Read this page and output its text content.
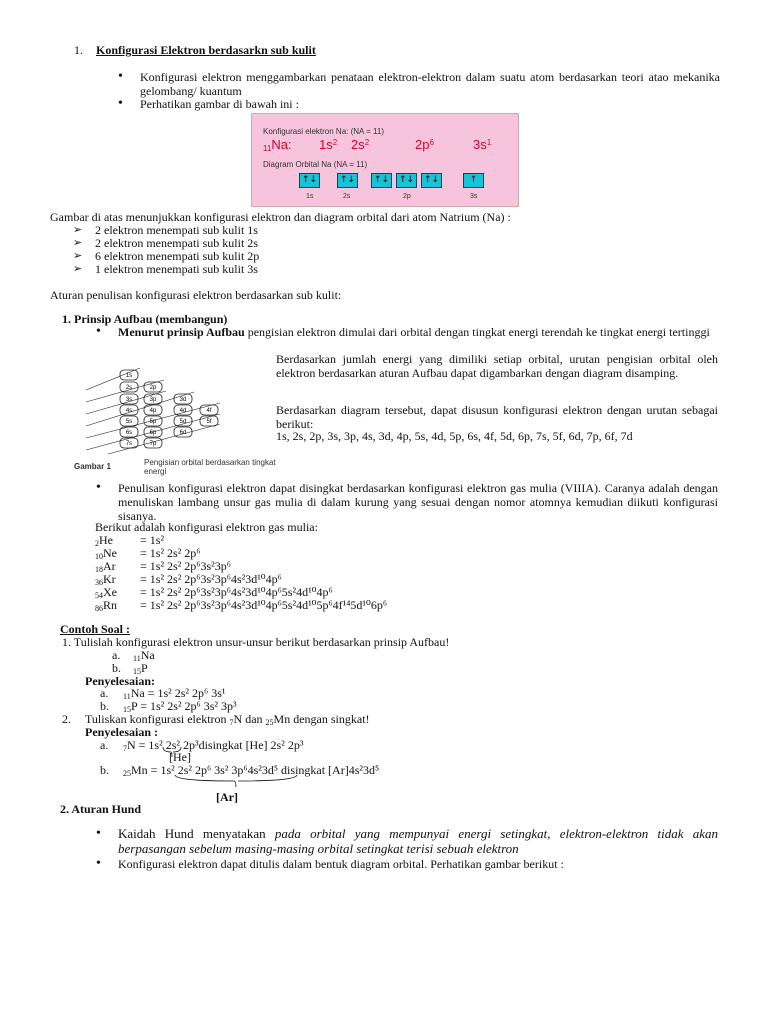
1. Konfigurasi Elektron berdasarkn sub kulit
• Konfigurasi elektron menggambarkan penataan elektron-elektron dalam suatu atom berdasarkan teori atao mekanika gelombang/ kuantum
• Perhatikan gambar di bawah ini :
Konfigurasi elektron Na: (NA = 11)
$_{11}$Na: $1s^2$ $2s^2$	$2p^6$	$3s^1$
Diagram Orbital Na (NA = 11)
↑↓	↑↓	↑↓	↑↓	↑↓	↑
1s	2s	2p	3s
Gambar di atas menunjukkan konfigurasi elektron dan diagram orbital dari atom Natrium (Na) :
➢ 2 elektron menempati sub kulit 1s
➢ 2 elektron menempati sub kulit 2s
➢ 6 elektron menempati sub kulit 2p
➢ 1 elektron menempati sub kulit 3s
Aturan penulisan konfigurasi elektron berdasarkan sub kulit:
1. Prinsip Aufbau (membangun)
• Menurut prinsip Aufbau pengisian elektron dimulai dari orbital dengan tingkat energi terendah ke tingkat energi tertinggi
Berdasarkan jumlah energi yang dimiliki setiap orbital, urutan pengisian orbital oleh elektron berdasarkan aturan Aufbau dapat digambarkan dengan diagram disamping.
Berdasarkan diagram tersebut, dapat disusun konfigurasi elektron dengan urutan sebagai berikut:
1s, 2s, 2p, 3s, 3p, 4s, 3d, 4p, 5s, 4d, 5p, 6s, 4f, 5d, 6p, 7s, 5f, 6d, 7p, 6f, 7d
1s
2s	2p
3s	3p	3d
4s	4p	4d	4f
5s	5p	5d	5f
6s	6p	6d
7s	7p
Gambar 1	Pengisian orbital berdasarkan tingkat energi
• Penulisan konfigurasi elektron dapat disingkat berdasarkan konfigurasi elektron gas mulia (VIIIA). Caranya adalah dengan menuliskan lambang unsur gas mulia di dalam kurung yang sesuai dengan nomor atomnya kemudian diikuti konfigurasi sisanya.
Berikut adalah konfigurasi elektron gas mulia:
$_2$He = 1s²
$_{10}$Ne = 1s² 2s² 2p⁶
$_{18}$Ar = 1s² 2s² 2p⁶3s²3p⁶
$_{36}$Kr = 1s² 2s² 2p⁶3s²3p⁶4s²3d¹⁰4p⁶
$_{54}$Xe = 1s² 2s² 2p⁶3s²3p⁶4s²3d¹⁰4p⁶5s²4d¹⁰4p⁶
$_{86}$Rn = 1s² 2s² 2p⁶3s²3p⁶4s²3d¹⁰4p⁶5s²4d¹⁰5p⁶4f¹⁴5d¹⁰6p⁶
Contoh Soal :
1. Tulislah konfigurasi elektron unsur-unsur berikut berdasarkan prinsip Aufbau!
a. $_{11}$Na
b. $_{15}$P
Penyelesaian:
a. $_{11}$Na = 1s² 2s² 2p⁶ 3s¹
b. $_{15}$P = 1s² 2s² 2p⁶ 3s² 3p³
2. Tuliskan konfigurasi elektron $_7$N dan $_{25}$Mn dengan singkat!
Penyelesaian :
a. $_7$N = 1s² 2s² 2p³disingkat [He] 2s² 2p³
[He]
b. $_{25}$Mn = 1s² 2s² 2p⁶ 3s² 3p⁶4s²3d⁵ disingkat [Ar]4s²3d⁵
[Ar]
2. Aturan Hund
• Kaidah Hund menyatakan pada orbital yang mempunyai energi setingkat, elektron-elektron tidak akan berpasangan sebelum masing-masing orbital setingkat terisi sebuah elektron
• Konfigurasi elektron dapat ditulis dalam bentuk diagram orbital. Perhatikan gambar berikut :
